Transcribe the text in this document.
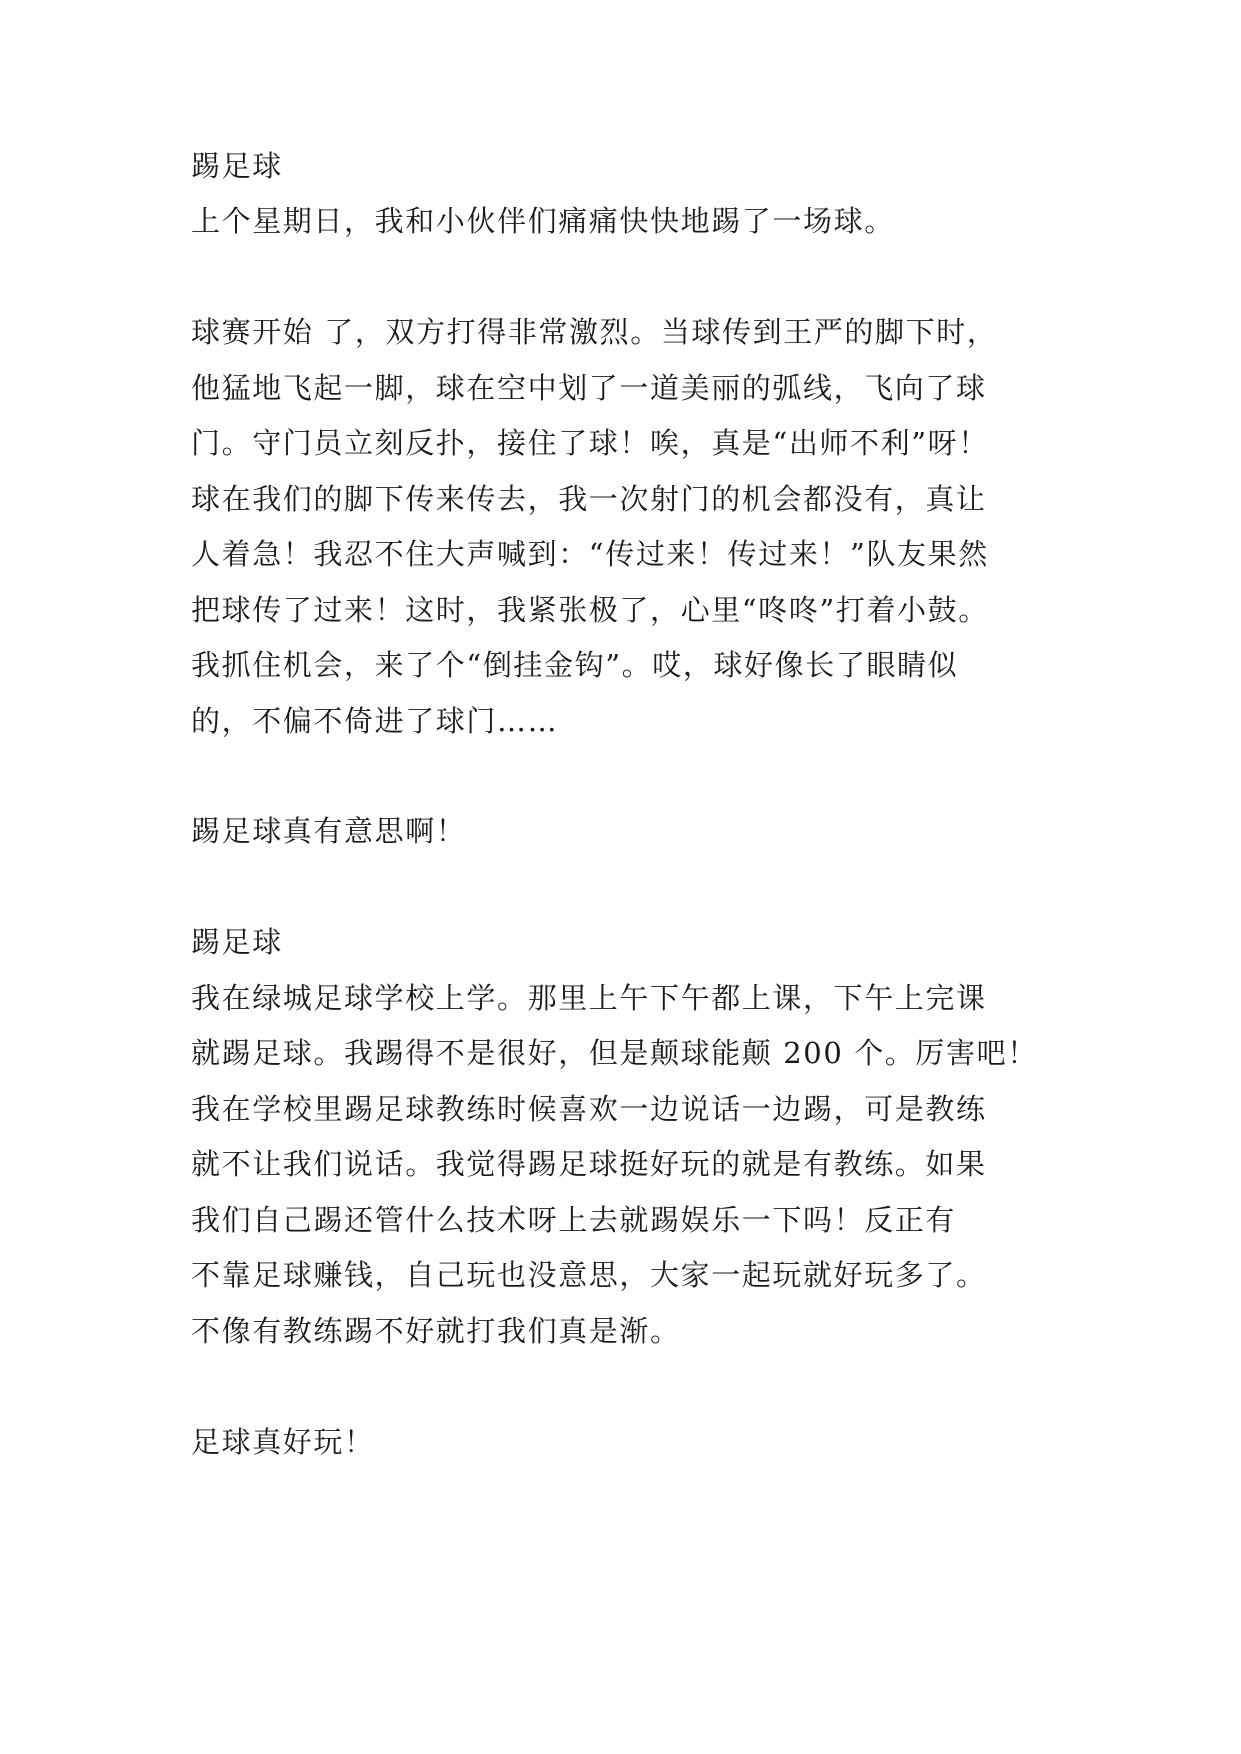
踢足球
上个星期日，我和小伙伴们痛痛快快地踢了一场球。
球赛开始 了，双方打得非常激烈。当球传到王严的脚下时，
他猛地飞起一脚，球在空中划了一道美丽的弧线，飞向了球
门。守门员立刻反扑，接住了球！唉，真是“出师不利”呀！
球在我们的脚下传来传去，我一次射门的机会都没有，真让
人着急！我忍不住大声喊到：“传过来！传过来！”队友果然
把球传了过来！这时，我紧张极了，心里“咚咚”打着小鼓。
我抓住机会，来了个“倒挂金钩”。哎，球好像长了眼睛似
的，不偏不倚进了球门……
踢足球真有意思啊！
踢足球
我在绿城足球学校上学。那里上午下午都上课，下午上完课
就踢足球。我踢得不是很好，但是颠球能颠 200 个。厉害吧！
我在学校里踢足球教练时候喜欢一边说话一边踢，可是教练
就不让我们说话。我觉得踢足球挺好玩的就是有教练。如果
我们自己踢还管什么技术呀上去就踢娱乐一下吗！反正有
不靠足球赚钱，自己玩也没意思，大家一起玩就好玩多了。
不像有教练踢不好就打我们真是渐。
足球真好玩！
